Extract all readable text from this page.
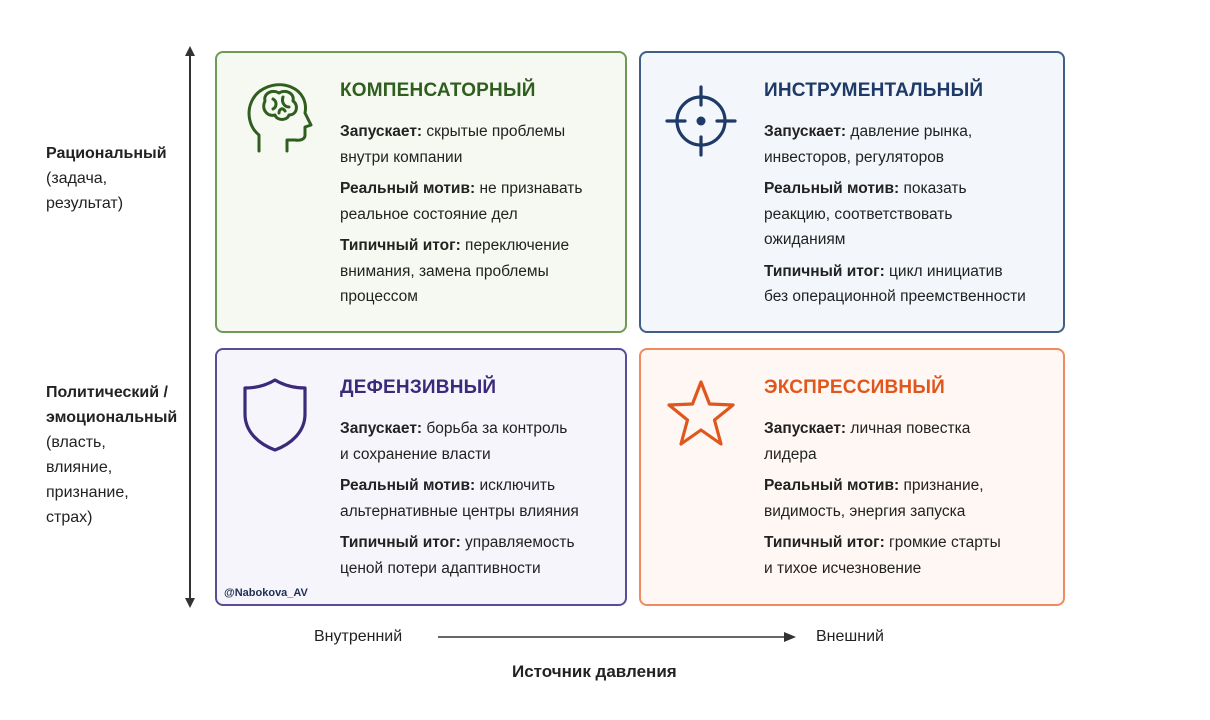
Рациональный
(задача,
результат)
Политический /
эмоциональный
(власть,
влияние,
признание,
страх)
КОМПЕНСАТОРНЫЙ

Запускает: скрытые проблемы
внутри компании

Реальный мотив: не признавать
реальное состояние дел

Типичный итог: переключение
внимания, замена проблемы
процессом

ИНСТРУМЕНТАЛЬНЫЙ

Запускает: давление рынка,
инвесторов, регуляторов

Реальный мотив: показать
реакцию, соответствовать
ожиданиям

Типичный итог: цикл инициатив
без операционной преемственности

ДЕФЕНЗИВНЫЙ

Запускает: борьба за контроль
и сохранение власти

Реальный мотив: исключить
альтернативные центры влияния

Типичный итог: управляемость
ценой потери адаптивности

ЭКСПРЕССИВНЫЙ

Запускает: личная повестка
лидера

Реальный мотив: признание,
видимость, энергия запуска

Типичный итог: громкие старты
и тихое исчезновение

@Nabokova_AV
Внутренний	Внешний
Источник давления
